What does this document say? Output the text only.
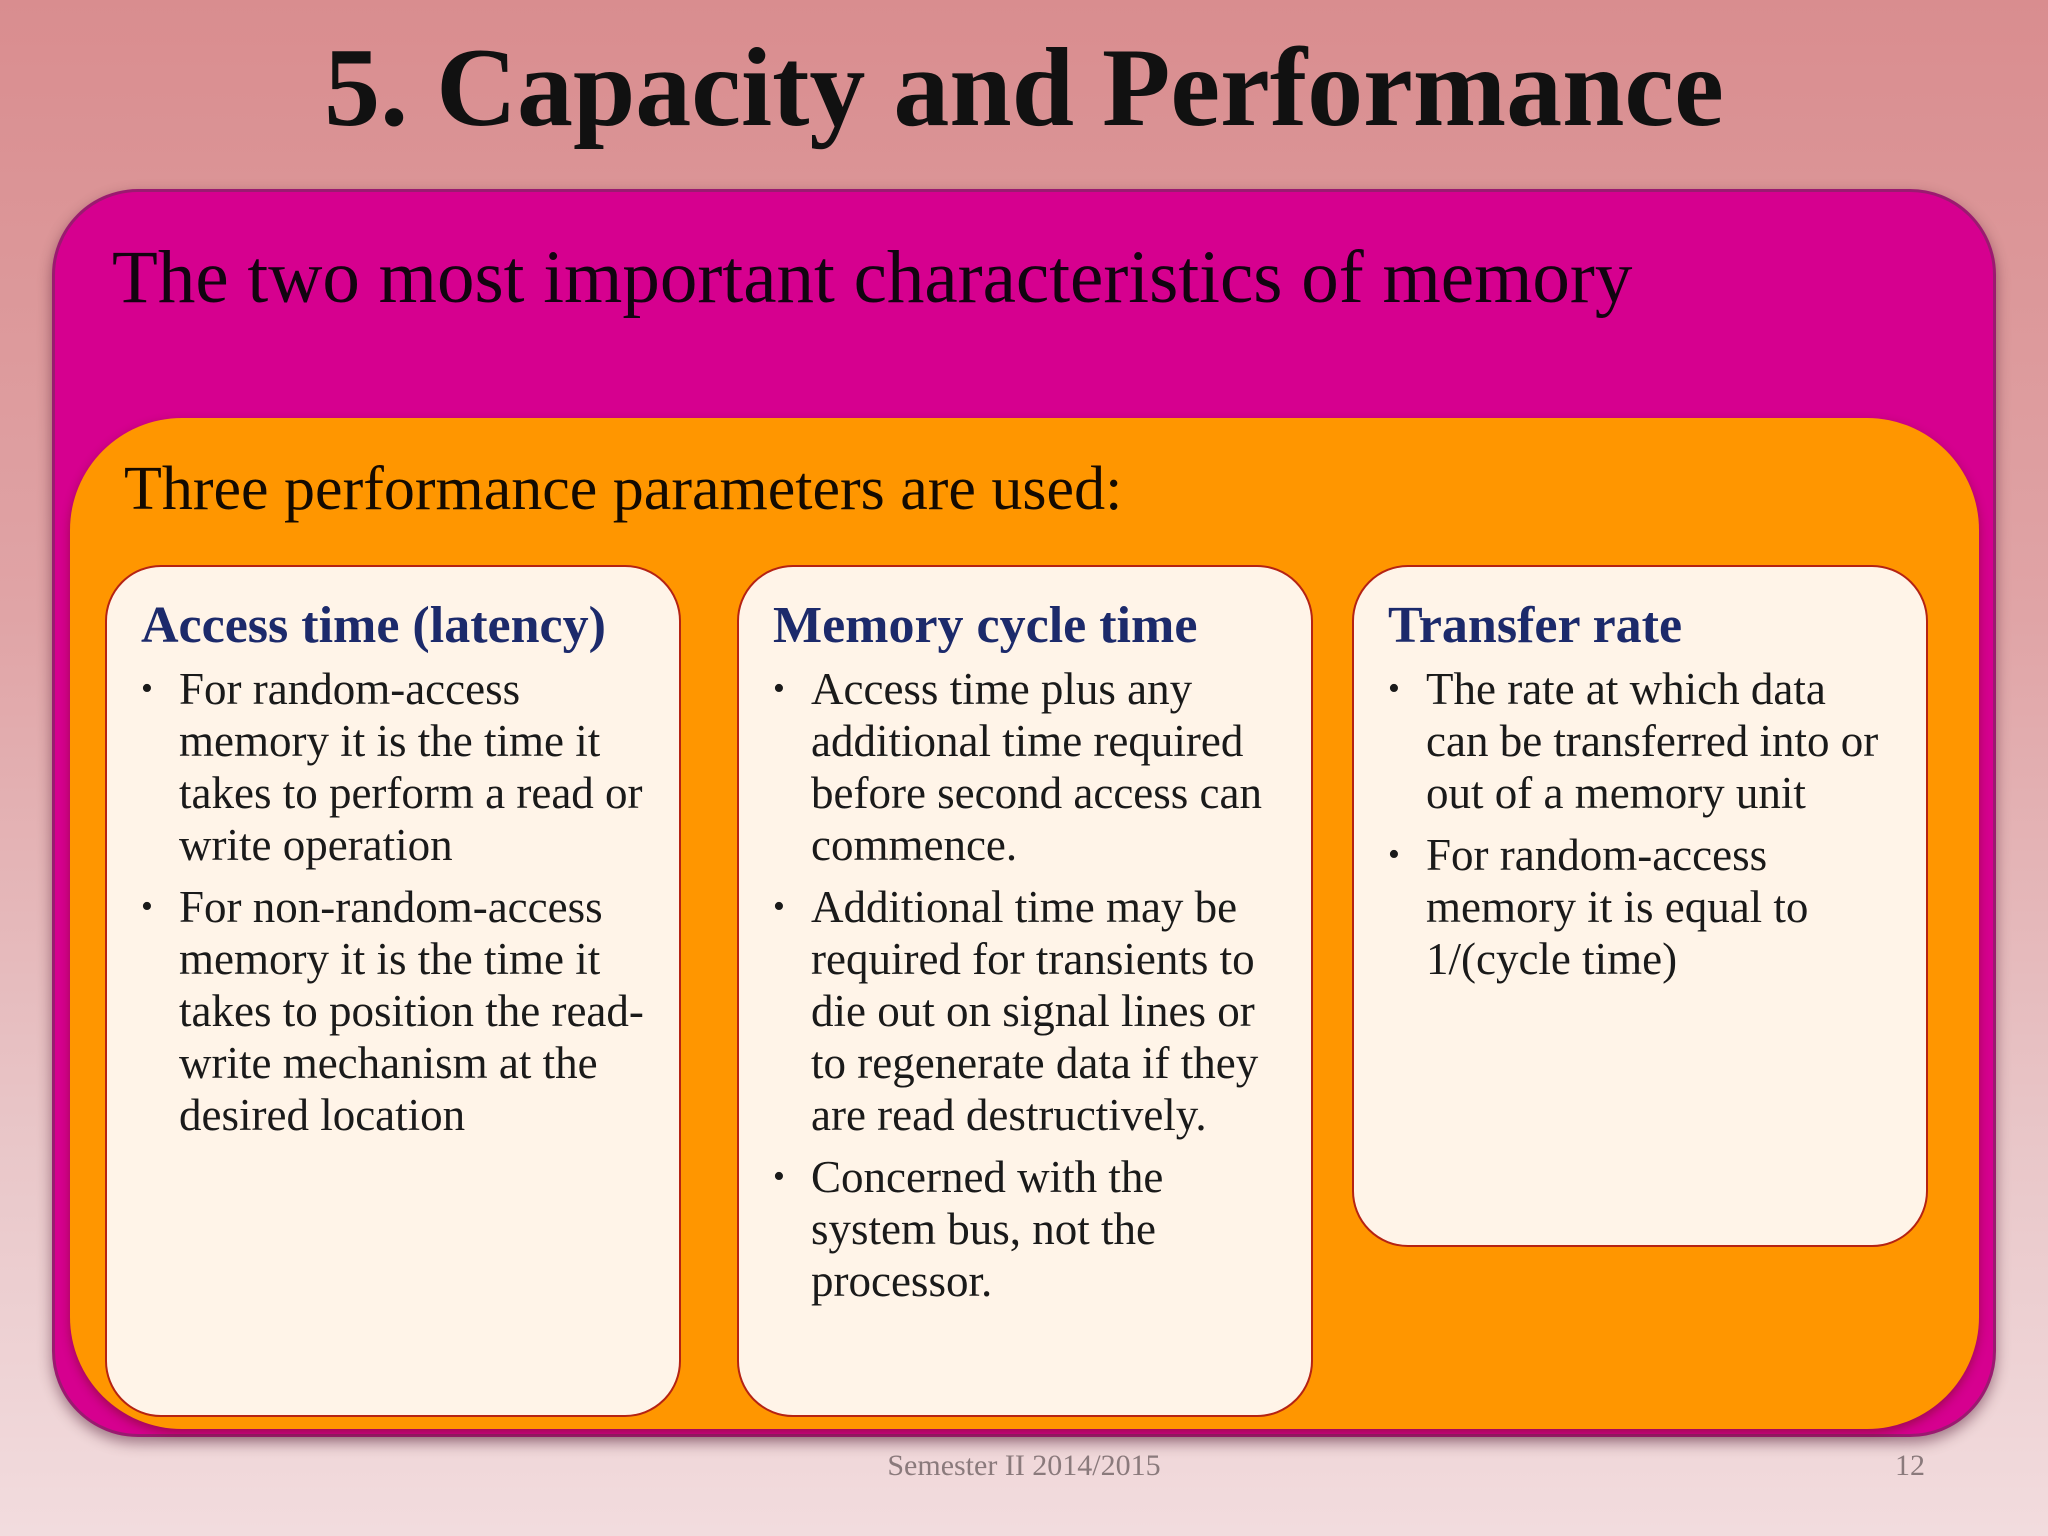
5. Capacity and Performance
The two most important characteristics of memory
Three performance parameters are used:
Access time (latency)
• For random-access memory it is the time it takes to perform a read or write operation
• For non-random-access memory it is the time it takes to position the read-write mechanism at the desired location
Memory cycle time
• Access time plus any additional time required before second access can commence.
• Additional time may be required for transients to die out on signal lines or to regenerate data if they are read destructively.
• Concerned with the system bus, not the processor.
Transfer rate
• The rate at which data can be transferred into or out of a memory unit
• For random-access memory it is equal to 1/(cycle time)
Semester II 2014/2015	12
